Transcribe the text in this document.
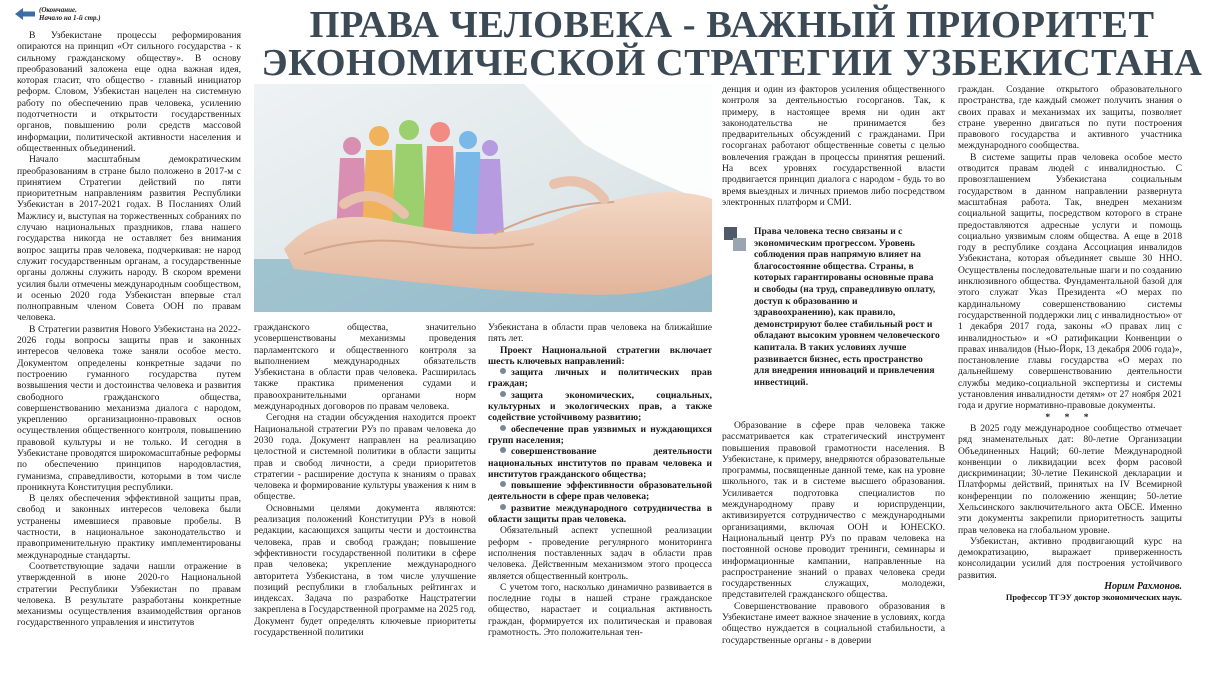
(Окончание.
Начало на 1-й стр.)	ПРАВА ЧЕЛОВЕКА - ВАЖНЫЙ ПРИОРИТЕТ
ЭКОНОМИЧЕСКОЙ СТРАТЕГИИ УЗБЕКИСТАНА

В Узбекистане процессы реформирования опираются на принцип «От сильного государства - к сильному гражданскому обществу». В основу преобразований заложена еще одна важная идея, которая гласит, что общество - главный инициатор реформ. Словом, Узбекистан нацелен на системную работу по обеспечению прав человека, усилению подотчетности и открытости государственных органов, повышению роли средств массовой информации, политической активности населения и общественных объединений.

Начало масштабным демократическим преобразованиям в стране было положено в 2017-м с принятием Стратегии действий по пяти приоритетным направлениям развития Республики Узбекистан в 2017-2021 годах. В Посланиях Олий Мажлису и, выступая на торжественных собраниях по случаю национальных праздников, глава нашего государства никогда не оставляет без внимания вопрос защиты прав человека, подчеркивая: не народ служит государственным органам, а государственные органы должны служить народу. В скором времени усилия были отмечены международным сообществом, и осенью 2020 года Узбекистан впервые стал полноправным членом Совета ООН по правам человека.

В Стратегии развития Нового Узбекистана на 2022-2026 годы вопросы защиты прав и законных интересов человека тоже заняли особое место. Документом определены конкретные задачи по построению гуманного государства путем возвышения чести и достоинства человека и развития свободного гражданского общества, совершенствованию механизма диалога с народом, укреплению организационно-правовых основ осуществления общественного контроля, повышению правовой культуры и не только. И сегодня в Узбекистане проводятся широкомасштабные реформы по обеспечению принципов народовластия, гуманизма, справедливости, которыми в том числе проникнута Конституция республики.

В целях обеспечения эффективной защиты прав, свобод и законных интересов человека были устранены имевшиеся правовые пробелы. В частности, в национальное законодательство и правоприменительную практику имплементированы международные стандарты.

Соответствующие задачи нашли отражение в утвержденной в июне 2020-го Национальной стратегии Республики Узбекистан по правам человека. В результате разработаны конкретные механизмы осуществления взаимодействия органов государственного управления и институтов

гражданского общества, значительно усовершенствованы механизмы проведения парламентского и общественного контроля за выполнением международных обязательств Узбекистана в области прав человека. Расширилась также практика применения судами и правоохранительными органами норм международных договоров по правам человека.

Сегодня на стадии обсуждения находится проект Национальной стратегии РУз по правам человека до 2030 года. Документ направлен на реализацию целостной и системной политики в области защиты прав и свобод личности, а среди приоритетов стратегии - расширение доступа к знаниям о правах человека и формирование культуры уважения к ним в обществе.

Основными целями документа являются: реализация положений Конституции РУз в новой редакции, касающихся защиты чести и достоинства человека, прав и свобод граждан; повышение эффективности государственной политики в сфере прав человека; укрепление международного авторитета Узбекистана, в том числе улучшение позиций республики в глобальных рейтингах и индексах. Задача по разработке Нацстратегии закреплена в Государственной программе на 2025 год. Документ будет определять ключевые приоритеты государственной политики

Узбекистана в области прав человека на ближайшие пять лет.

Проект Национальной стратегии включает шесть ключевых направлений:

защита личных и политических прав граждан;

защита экономических, социальных, культурных и экологических прав, а также содействие устойчивому развитию;

обеспечение прав уязвимых и нуждающихся групп населения;

совершенствование деятельности национальных институтов по правам человека и институтов гражданского общества;

повышение эффективности образовательной деятельности в сфере прав человека;

развитие международного сотрудничества в области защиты прав человека.

Обязательный аспект успешной реализации реформ - проведение регулярного мониторинга исполнения поставленных задач в области прав человека. Действенным механизмом этого процесса является общественный контроль.

С учетом того, насколько динамично развивается в последние годы в нашей стране гражданское общество, нарастает и социальная активность граждан, формируется их политическая и правовая грамотность. Это положительная тен-

денция и один из факторов усиления общественного контроля за деятельностью госорганов. Так, к примеру, в настоящее время ни один акт законодательства не принимается без предварительных обсуждений с гражданами. При госорганах работают общественные советы с целью вовлечения граждан в процессы принятия решений. На всех уровнях государственной власти продвигается принцип диалога с народом - будь то во время выездных и личных приемов либо посредством электронных платформ и СМИ.

Права человека тесно связаны и с экономическим прогрессом. Уровень соблюдения прав напрямую влияет на благосостояние общества. Страны, в которых гарантированы основные права и свободы (на труд, справедливую оплату, доступ к образованию и здравоохранению), как правило, демонстрируют более стабильный рост и обладают высоким уровнем человеческого капитала. В таких условиях лучше развивается бизнес, есть пространство для внедрения инноваций и привлечения инвестиций.

Образование в сфере прав человека также рассматривается как стратегический инструмент повышения правовой грамотности населения. В Узбекистане, к примеру, внедряются образовательные программы, посвященные данной теме, как на уровне школьного, так и в системе высшего образования. Усиливается подготовка специалистов по международному праву и юриспруденции, активизируется сотрудничество с международными организациями, включая ООН и ЮНЕСКО. Национальный центр РУз по правам человека на постоянной основе проводит тренинги, семинары и информационные кампании, направленные на распространение знаний о правах человека среди государственных служащих, молодежи, представителей гражданского общества.

Совершенствование правового образования в Узбекистане имеет важное значение в условиях, когда общество нуждается в социальной стабильности, а государственные органы - в доверии

граждан. Создание открытого образовательного пространства, где каждый сможет получить знания о своих правах и механизмах их защиты, позволяет стране уверенно двигаться по пути построения правового государства и активного участника международного сообщества.

В системе защиты прав человека особое место отводится правам людей с инвалидностью. С провозглашением Узбекистана социальным государством в данном направлении развернута масштабная работа. Так, внедрен механизм социальной защиты, посредством которого в стране предоставляются адресные услуги и помощь социально уязвимым слоям общества. А еще в 2018 году в республике создана Ассоциация инвалидов Узбекистана, которая объединяет свыше 30 ННО. Осуществлены последовательные шаги и по созданию инклюзивного общества. Фундаментальной базой для этого служат Указ Президента «О мерах по кардинальному совершенствованию системы государственной поддержки лиц с инвалидностью» от 1 декабря 2017 года, законы «О правах лиц с инвалидностью» и «О ратификации Конвенции о правах инвалидов (Нью-Йорк, 13 декабря 2006 года)», постановление главы государства «О мерах по дальнейшему совершенствованию деятельности службы медико-социальной экспертизы и системы установления инвалидности детям» от 27 ноября 2021 года и другие нормативно-правовые документы.

* * *

В 2025 году международное сообщество отмечает ряд знаменательных дат: 80-летие Организации Объединенных Наций; 60-летие Международной конвенции о ликвидации всех форм расовой дискриминации; 30-летие Пекинской декларации и Платформы действий, принятых на IV Всемирной конференции по положению женщин; 50-летие Хельсинского заключительного акта ОБСЕ. Именно эти документы закрепили приоритетность защиты прав человека на глобальном уровне.

Узбекистан, активно продвигающий курс на демократизацию, выражает приверженность консолидации усилий для построения устойчивого развития.

Норим Рахмонов.
Профессор ТГЭУ доктор экономических наук.
